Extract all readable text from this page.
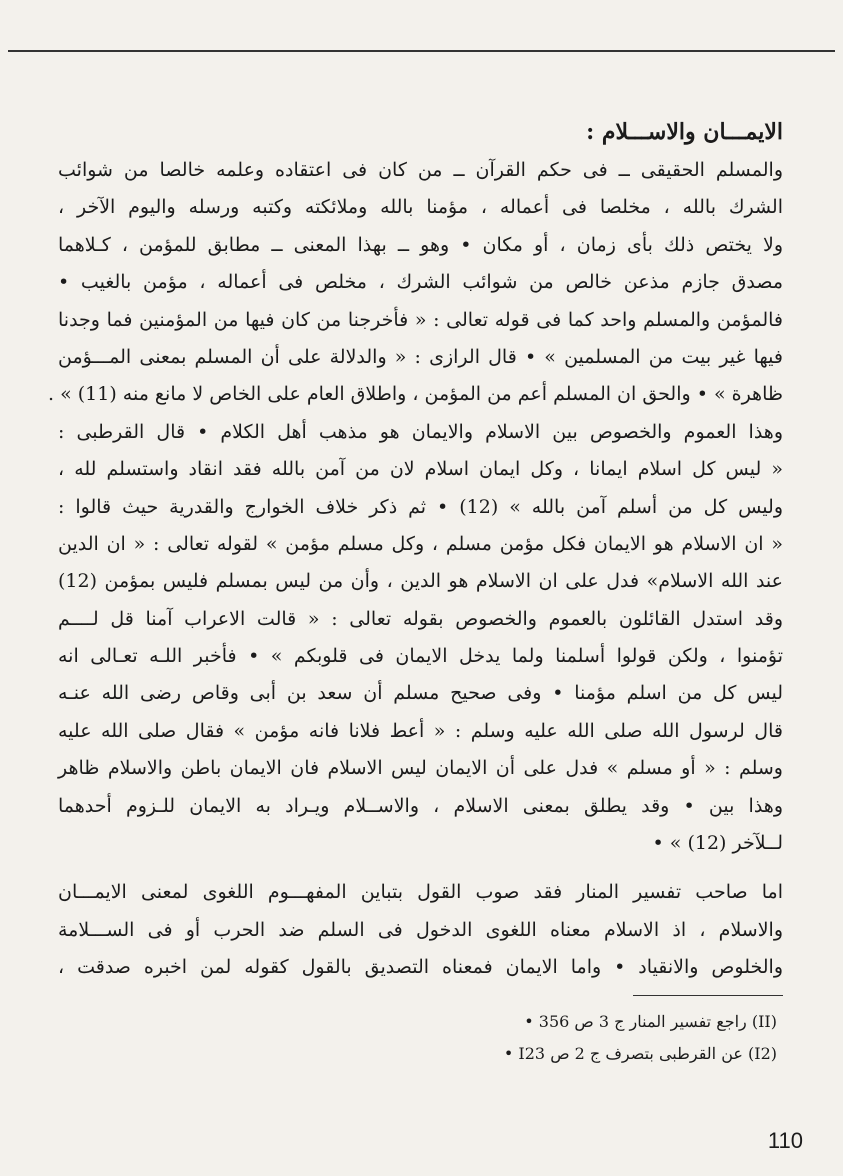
الايمـــان والاســـلام :
والمسلم الحقيقى ــ فى حكم القرآن ــ من كان فى اعتقاده وعلمه خالصا من شوائب
الشرك بالله ، مخلصا فى أعماله ، مؤمنا بالله وملائكته وكتبه ورسله واليوم الآخر ،
ولا يختص ذلك بأى زمان ، أو مكان • وهو ــ بهذا المعنى ــ مطابق للمؤمن ، كـلاهما
مصدق جازم مذعن خالص من شوائب الشرك ، مخلص فى أعماله ، مؤمن بالغيب •
فالمؤمن والمسلم واحد كما فى قوله تعالى : « فأخرجنا من كان فيها من المؤمنين فما وجدنا
فيها غير بيت من المسلمين » • قال الرازى : « والدلالة على أن المسلم بمعنى المـــؤمن
ظاهرة » • والحق ان المسلم أعم من المؤمن ، واطلاق العام على الخاص لا مانع منه (11) » .
وهذا العموم والخصوص بين الاسلام والايمان هو مذهب أهل الكلام • قال القرطبى :
« ليس كل اسلام ايمانا ، وكل ايمان اسلام لان من آمن بالله فقد انقاد واستسلم لله ،
وليس كل من أسلم آمن بالله » (12) • ثم ذكر خلاف الخوارج والقدرية حيث قالوا :
« ان الاسلام هو الايمان فكل مؤمن مسلم ، وكل مسلم مؤمن » لقوله تعالى : « ان الدين
عند الله الاسلام» فدل على ان الاسلام هو الدين ، وأن من ليس بمسلم فليس بمؤمن (12)
وقد استدل القائلون بالعموم والخصوص بقوله تعالى : « قالت الاعراب آمنا قل لــــم
تؤمنوا ، ولكن قولوا أسلمنا ولما يدخل الايمان فى قلوبكم » • فأخبر اللـه تعـالى انه
ليس كل من اسلم مؤمنا • وفى صحيح مسلم أن سعد بن أبى وقاص رضى الله عنـه
قال لرسول الله صلى الله عليه وسلم : « أعط فلانا فانه مؤمن » فقال صلى الله عليه
وسلم : « أو مسلم » فدل على أن الايمان ليس الاسلام فان الايمان باطن والاسلام ظاهر
وهذا بين • وقد يطلق بمعنى الاسلام ، والاســلام ويـراد به الايمان للـزوم أحدهما
لــلآخر (12) » •
اما صاحب تفسير المنار فقد صوب القول بتباين المفهـــوم اللغوى لمعنى الايمـــان
والاسلام ، اذ الاسلام معناه اللغوى الدخول فى السلم ضد الحرب أو فى الســـلامة
والخلوص والانقياد • واما الايمان فمعناه التصديق بالقول كقوله لمن اخبره صدقت ،
(II) راجع تفسير المنار ج 3 ص 356 •
(I2) عن القرطبى بتصرف ج 2 ص I23 •
110
